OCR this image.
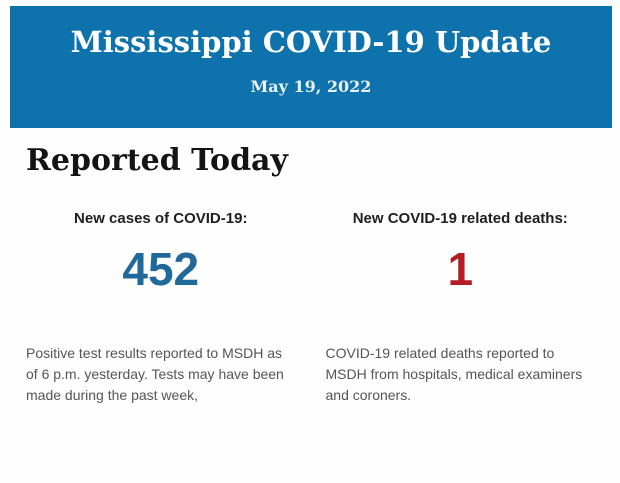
Mississippi COVID-19 Update
May 19, 2022
Reported Today
New cases of COVID-19:
452
Positive test results reported to MSDH as of 6 p.m. yesterday. Tests may have been made during the past week,
New COVID-19 related deaths:
1
COVID-19 related deaths reported to MSDH from hospitals, medical examiners and coroners.
